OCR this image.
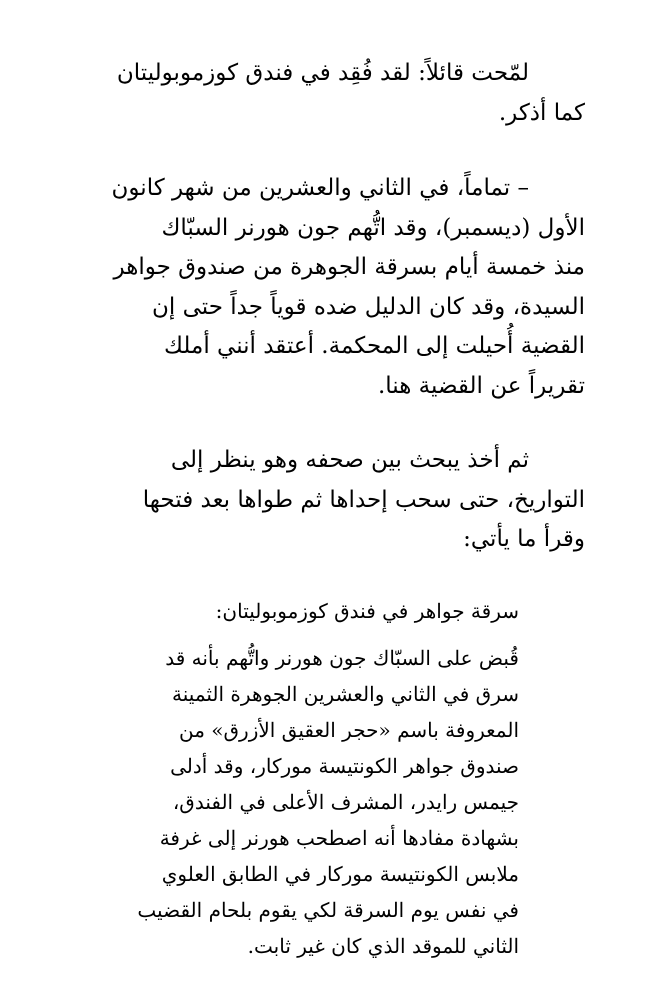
لمّحت قائلاً: لقد فُقِد في فندق كوزموبوليتان
كما أذكر.

– تماماً، في الثاني والعشرين من شهر كانون
الأول (ديسمبر)، وقد اتُّهم جون هورنر السبّاك
منذ خمسة أيام بسرقة الجوهرة من صندوق جواهر
السيدة، وقد كان الدليل ضده قوياً جداً حتى إن
القضية أُحيلت إلى المحكمة. أعتقد أنني أملك
تقريراً عن القضية هنا.

ثم أخذ يبحث بين صحفه وهو ينظر إلى
التواريخ، حتى سحب إحداها ثم طواها بعد فتحها
وقرأ ما يأتي:

سرقة جواهر في فندق كوزموبوليتان:

قُبض على السبّاك جون هورنر واتُّهم بأنه قد
سرق في الثاني والعشرين الجوهرة الثمينة
المعروفة باسم «حجر العقيق الأزرق» من
صندوق جواهر الكونتيسة موركار، وقد أدلى
جيمس رايدر، المشرف الأعلى في الفندق،
بشهادة مفادها أنه اصطحب هورنر إلى غرفة
ملابس الكونتيسة موركار في الطابق العلوي
في نفس يوم السرقة لكي يقوم بلحام القضيب
الثاني للموقد الذي كان غير ثابت.
